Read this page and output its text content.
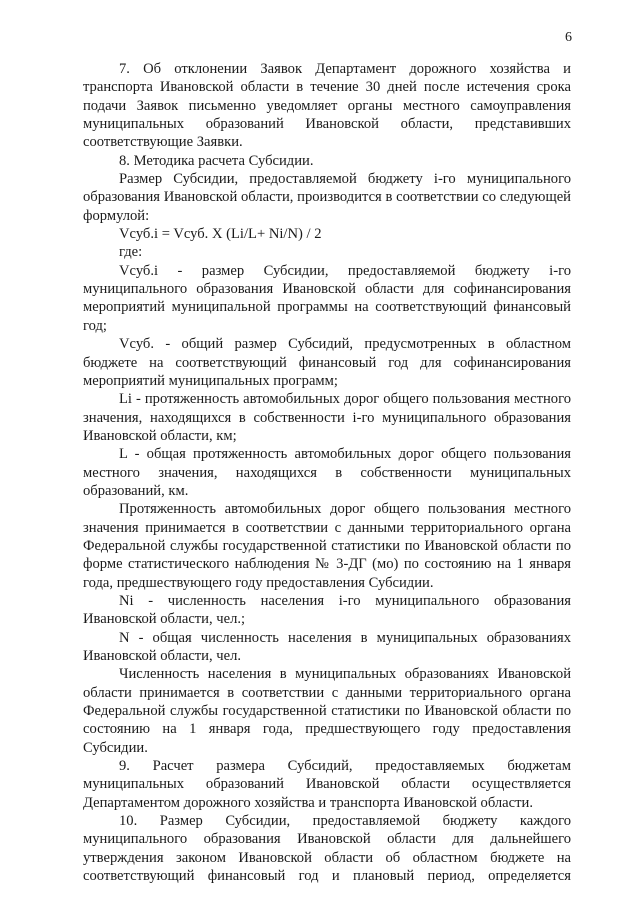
6

7. Об отклонении Заявок Департамент дорожного хозяйства и транспорта Ивановской области в течение 30 дней после истечения срока подачи Заявок письменно уведомляет органы местного самоуправления муниципальных образований Ивановской области, представивших соответствующие Заявки.

8. Методика расчета Субсидии.

Размер Субсидии, предоставляемой бюджету i-го муниципального образования Ивановской области, производится в соответствии со следующей формулой:

Vсуб.i = Vсуб. X (Li/L+ Ni/N) / 2

где:

Vсуб.i - размер Субсидии, предоставляемой бюджету i-го муниципального образования Ивановской области для софинансирования мероприятий муниципальной программы на соответствующий финансовый год;

Vсуб. - общий размер Субсидий, предусмотренных в областном бюджете на соответствующий финансовый год для софинансирования мероприятий муниципальных программ;

Li - протяженность автомобильных дорог общего пользования местного значения, находящихся в собственности i-го муниципального образования Ивановской области, км;

L - общая протяженность автомобильных дорог общего пользования местного значения, находящихся в собственности муниципальных образований, км.

Протяженность автомобильных дорог общего пользования местного значения принимается в соответствии с данными территориального органа Федеральной службы государственной статистики по Ивановской области по форме статистического наблюдения № 3-ДГ (мо) по состоянию на 1 января года, предшествующего году предоставления Субсидии.

Ni - численность населения i-го муниципального образования Ивановской области, чел.;

N - общая численность населения в муниципальных образованиях Ивановской области, чел.

Численность населения в муниципальных образованиях Ивановской области принимается в соответствии с данными территориального органа Федеральной службы государственной статистики по Ивановской области по состоянию на 1 января года, предшествующего году предоставления Субсидии.

9. Расчет размера Субсидий, предоставляемых бюджетам муниципальных образований Ивановской области осуществляется Департаментом дорожного хозяйства и транспорта Ивановской области.

10. Размер Субсидии, предоставляемой бюджету каждого муниципального образования Ивановской области для дальнейшего утверждения законом Ивановской области об областном бюджете на соответствующий финансовый год и плановый период, определяется
